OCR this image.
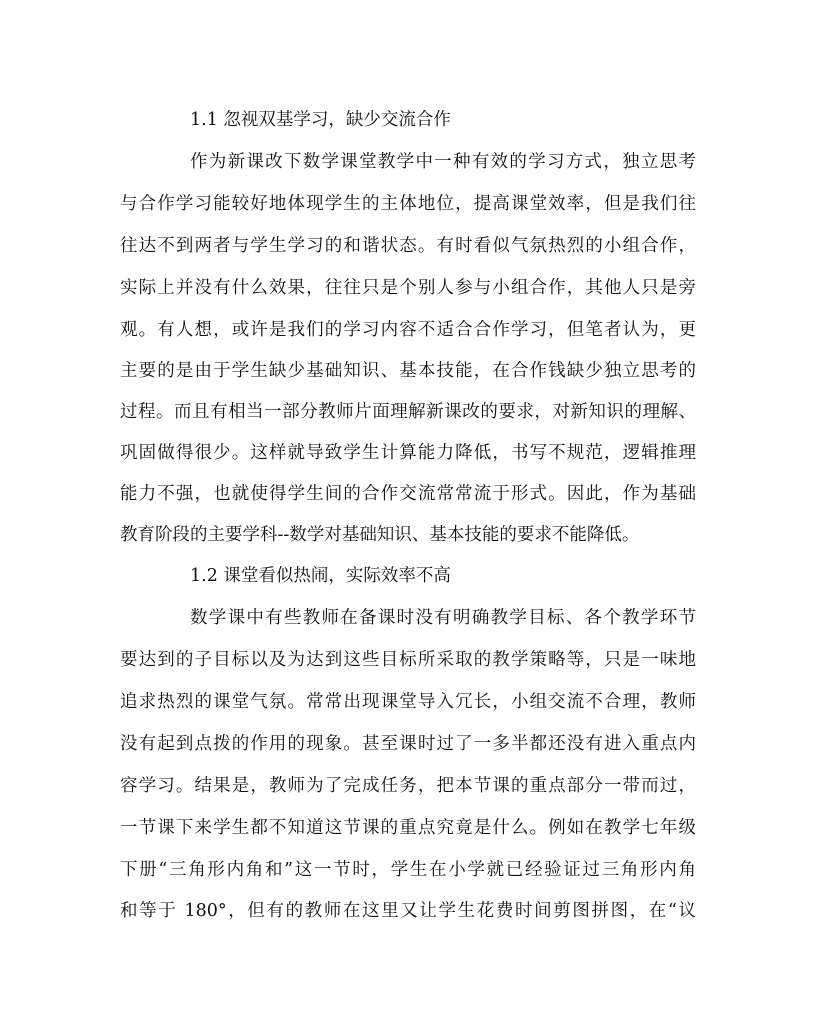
1.1 忽视双基学习，缺少交流合作
作为新课改下数学课堂教学中一种有效的学习方式，独立思考
与合作学习能较好地体现学生的主体地位，提高课堂效率，但是我们往
往达不到两者与学生学习的和谐状态。有时看似气氛热烈的小组合作，
实际上并没有什么效果，往往只是个别人参与小组合作，其他人只是旁
观。有人想，或许是我们的学习内容不适合合作学习，但笔者认为，更
主要的是由于学生缺少基础知识、基本技能，在合作钱缺少独立思考的
过程。而且有相当一部分教师片面理解新课改的要求，对新知识的理解、
巩固做得很少。这样就导致学生计算能力降低，书写不规范，逻辑推理
能力不强，也就使得学生间的合作交流常常流于形式。因此，作为基础
教育阶段的主要学科--数学对基础知识、基本技能的要求不能降低。
1.2 课堂看似热闹，实际效率不高
数学课中有些教师在备课时没有明确教学目标、各个教学环节
要达到的子目标以及为达到这些目标所采取的教学策略等，只是一味地
追求热烈的课堂气氛。常常出现课堂导入冗长，小组交流不合理，教师
没有起到点拨的作用的现象。甚至课时过了一多半都还没有进入重点内
容学习。结果是，教师为了完成任务，把本节课的重点部分一带而过，
一节课下来学生都不知道这节课的重点究竟是什么。例如在教学七年级
下册“三角形内角和”这一节时，学生在小学就已经验证过三角形内角
和等于 180°，但有的教师在这里又让学生花费时间剪图拼图，在“议
